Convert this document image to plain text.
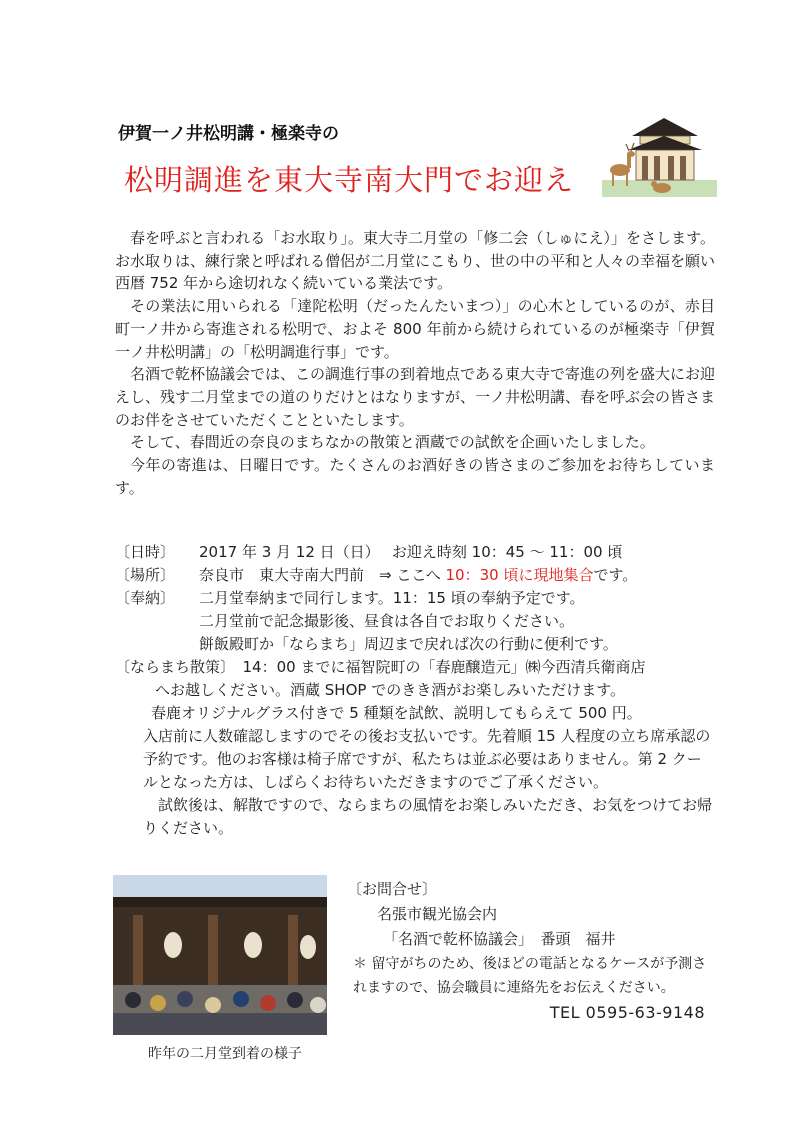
伊賀一ノ井松明講・極楽寺の
松明調進を東大寺南大門でお迎え

春を呼ぶと言われる「お水取り」。東大寺二月堂の「修二会（しゅにえ）」をさします。お水取りは、練行衆と呼ばれる僧侶が二月堂にこもり、世の中の平和と人々の幸福を願い西暦 752 年から途切れなく続いている業法です。

その業法に用いられる「達陀松明（だったんたいまつ）」の心木としているのが、赤目町一ノ井から寄進される松明で、およそ 800 年前から続けられているのが極楽寺「伊賀一ノ井松明講」の「松明調進行事」です。

名酒で乾杯協議会では、この調進行事の到着地点である東大寺で寄進の列を盛大にお迎えし、残す二月堂までの道のりだけとはなりますが、一ノ井松明講、春を呼ぶ会の皆さまのお伴をさせていただくことといたします。

そして、春間近の奈良のまちなかの散策と酒蔵での試飲を企画いたしました。

今年の寄進は、日曜日です。たくさんのお酒好きの皆さまのご参加をお待ちしています。

〔日時〕 2017 年 3 月 12 日（日）　 お迎え時刻 10：45 〜 11：00 頃
〔場所〕 奈良市　東大寺南大門前　⇒ ここへ 10：30 頃に現地集合です。
〔奉納〕 二月堂奉納まで同行します。11：15 頃の奉納予定です。
二月堂前で記念撮影後、昼食は各自でお取りください。
餅飯殿町か「ならまち」周辺まで戻れば次の行動に便利です。
〔ならまち散策〕　14：00 までに福智院町の「春鹿醸造元」㈱今西清兵衛商店

へお越しください。酒蔵 SHOP でのきき酒がお楽しみいただけます。

春鹿オリジナルグラス付きで 5 種類を試飲、説明してもらえて 500 円。

入店前に人数確認しますのでその後お支払いです。先着順 15 人程度の立ち席承認の予約です。他のお客様は椅子席ですが、私たちは並ぶ必要はありません。第 2 クールとなった方は、しばらくお待ちいただきますのでご了承ください。

試飲後は、解散ですので、ならまちの風情をお楽しみいただき、お気をつけてお帰りください。

昨年の二月堂到着の様子
〔お問合せ〕
名張市観光協会内
「名酒で乾杯協議会」　番頭　福井
＊ 留守がちのため、後ほどの電話となるケースが予測されますので、協会職員に連絡先をお伝えください。
TEL 0595-63-9148
